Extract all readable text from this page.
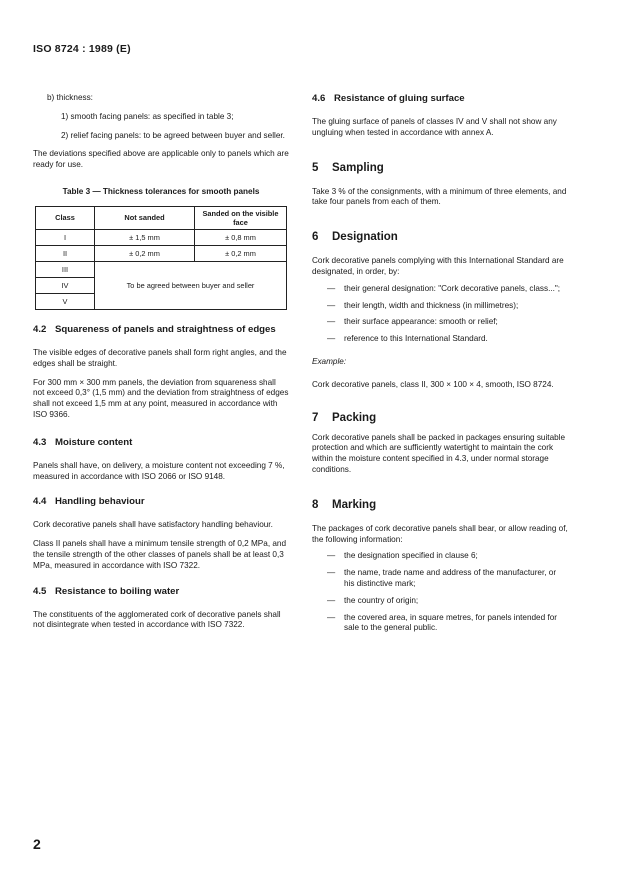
ISO 8724 : 1989 (E)

b) thickness:

1) smooth facing panels: as specified in table 3;

2) relief facing panels: to be agreed between buyer and seller.

The deviations specified above are applicable only to panels which are ready for use.

Table 3 — Thickness tolerances for smooth panels
Class	Not sanded	Sanded on the visible face
I	± 1,5 mm	± 0,8 mm
II	± 0,2 mm	± 0,2 mm
III	To be agreed between buyer and seller	
IV		
V		
4.2 Squareness of panels and straightness of edges

The visible edges of decorative panels shall form right angles, and the edges shall be straight.

For 300 mm × 300 mm panels, the deviation from squareness shall not exceed 0,3° (1,5 mm) and the deviation from straightness of edges shall not exceed 1,5 mm at any point, measured in accordance with ISO 9366.

4.3 Moisture content

Panels shall have, on delivery, a moisture content not exceeding 7 %, measured in accordance with ISO 2066 or ISO 9148.

4.4 Handling behaviour

Cork decorative panels shall have satisfactory handling behaviour.

Class II panels shall have a minimum tensile strength of 0,2 MPa, and the tensile strength of the other classes of panels shall be at least 0,3 MPa, measured in accordance with ISO 7322.

4.5 Resistance to boiling water

The constituents of the agglomerated cork of decorative panels shall not disintegrate when tested in accordance with ISO 7322.

4.6 Resistance of gluing surface

The gluing surface of panels of classes IV and V shall not show any ungluing when tested in accordance with annex A.

5 Sampling

Take 3 % of the consignments, with a minimum of three elements, and take four panels from each of them.

6 Designation

Cork decorative panels complying with this International Standard are designated, in order, by:

— their general designation: "Cork decorative panels, class...";
— their length, width and thickness (in millimetres);
— their surface appearance: smooth or relief;
— reference to this International Standard.

Example:

Cork decorative panels, class II, 300 × 100 × 4, smooth, ISO 8724.

7 Packing

Cork decorative panels shall be packed in packages ensuring suitable protection and which are sufficiently watertight to maintain the cork within the moisture content specified in 4.3, under normal storage conditions.

8 Marking

The packages of cork decorative panels shall bear, or allow reading of, the following information:

— the designation specified in clause 6;
— the name, trade name and address of the manufacturer, or his distinctive mark;
— the country of origin;
— the covered area, in square metres, for panels intended for sale to the general public.
2
